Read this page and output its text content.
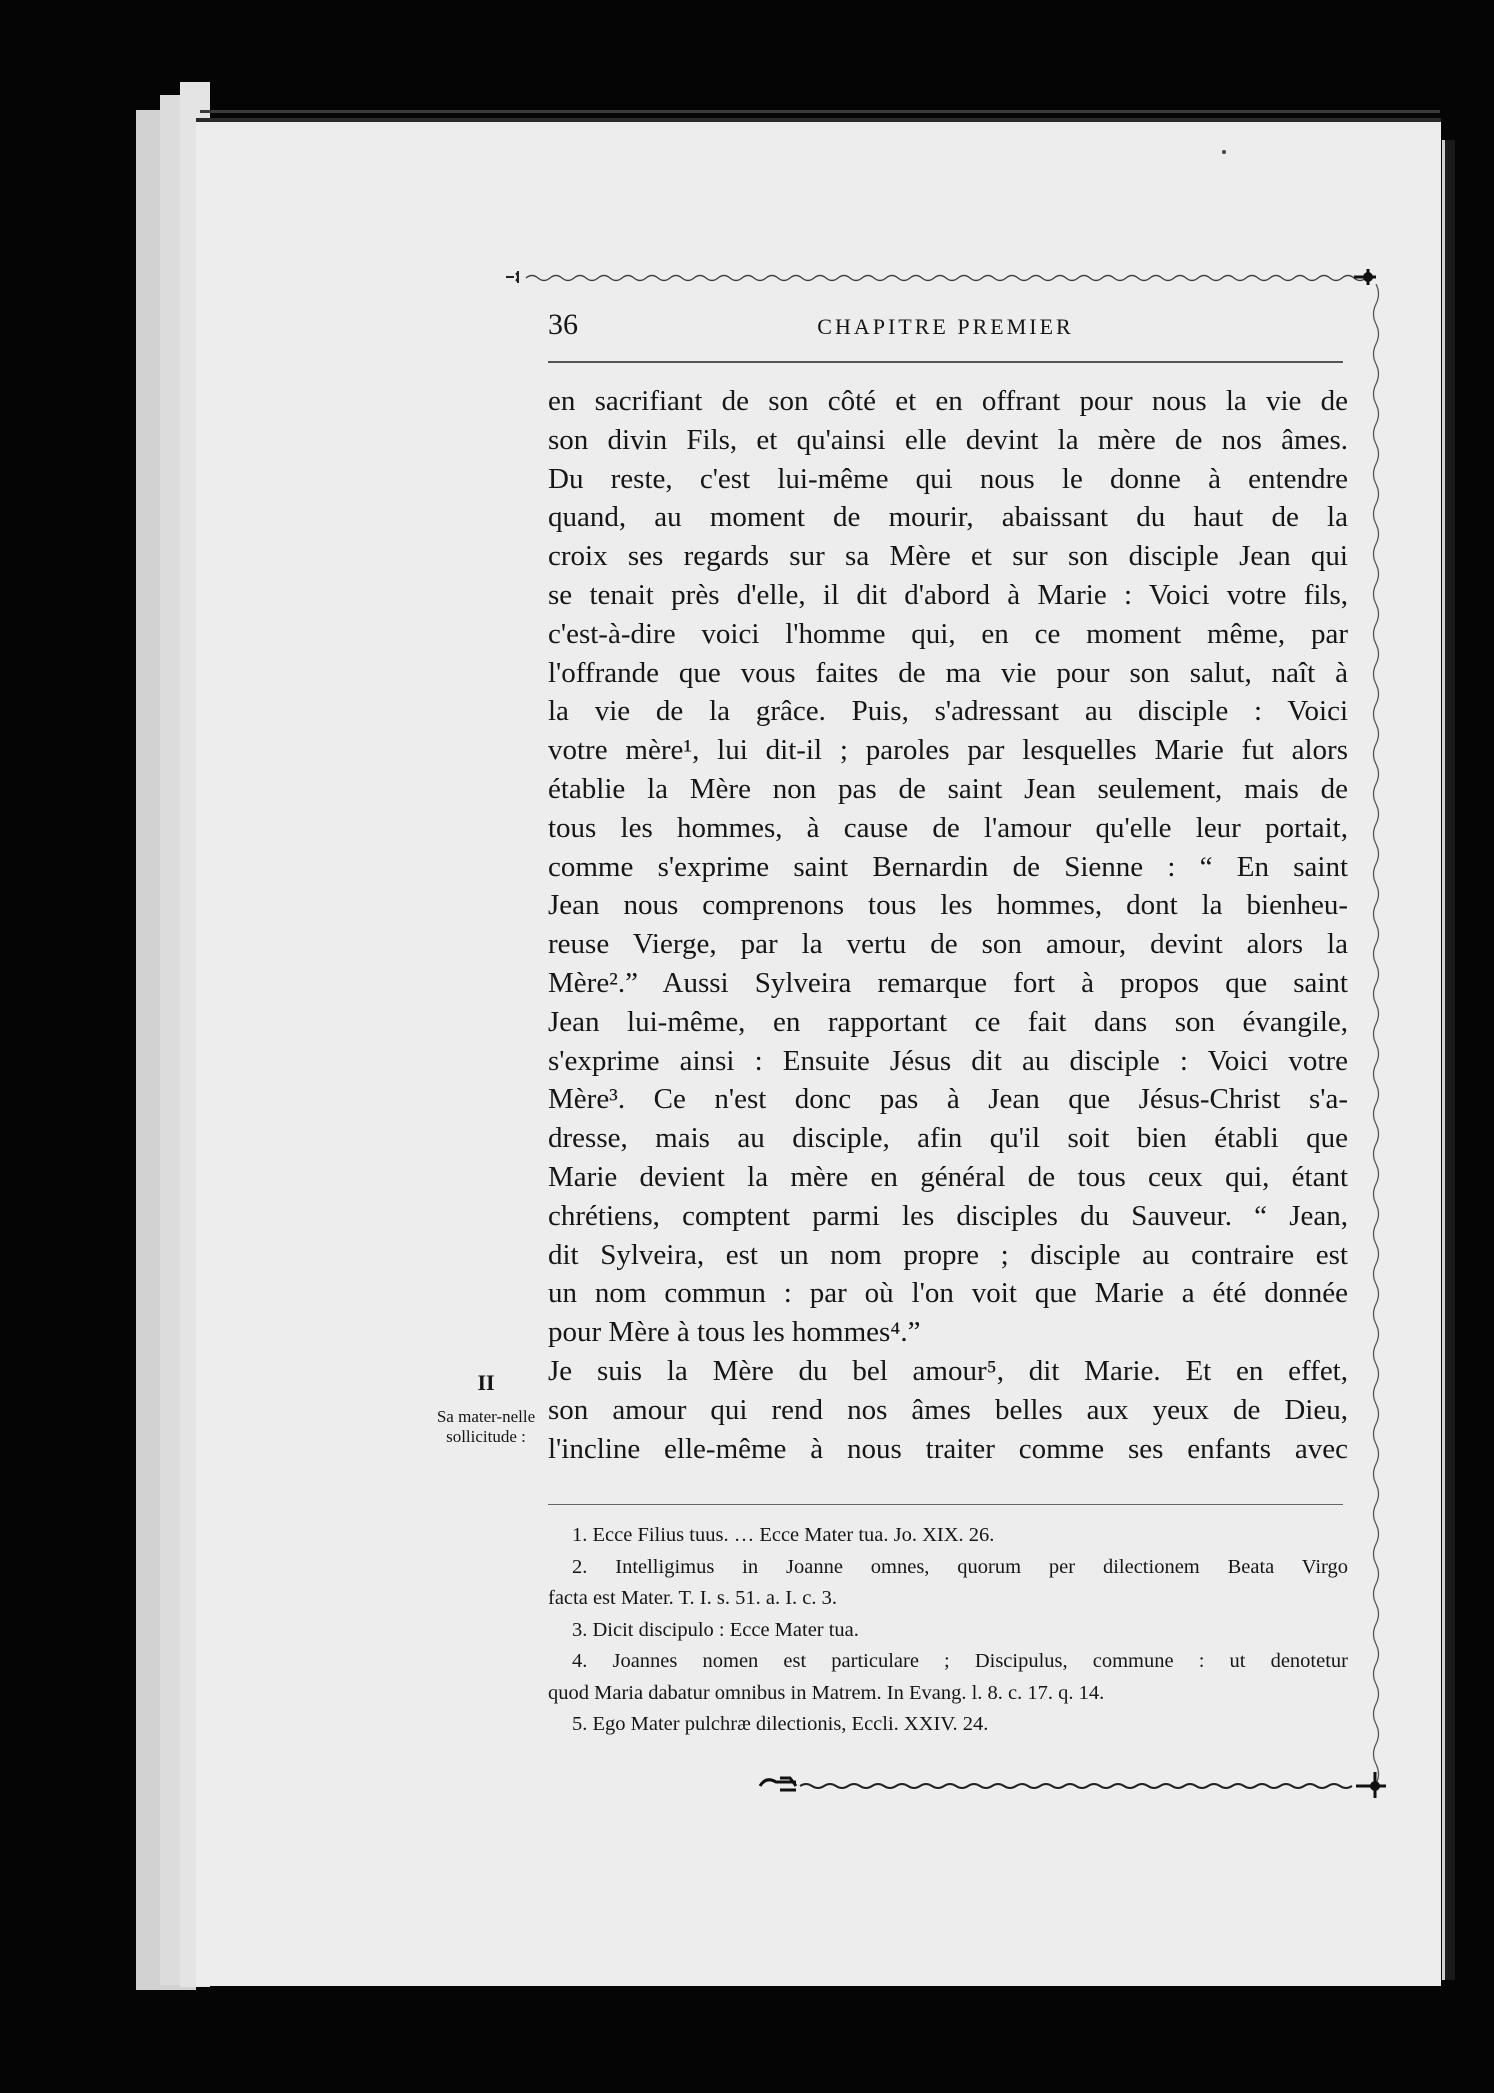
36	CHAPITRE PREMIER
en sacrifiant de son côté et en offrant pour nous la vie de
son divin Fils, et qu'ainsi elle devint la mère de nos âmes.
Du reste, c'est lui-même qui nous le donne à entendre
quand, au moment de mourir, abaissant du haut de la
croix ses regards sur sa Mère et sur son disciple Jean qui
se tenait près d'elle, il dit d'abord à Marie : Voici votre fils,
c'est-à-dire voici l'homme qui, en ce moment même, par
l'offrande que vous faites de ma vie pour son salut, naît à
la vie de la grâce. Puis, s'adressant au disciple : Voici
votre mère¹, lui dit-il ; paroles par lesquelles Marie fut alors
établie la Mère non pas de saint Jean seulement, mais de
tous les hommes, à cause de l'amour qu'elle leur portait,
comme s'exprime saint Bernardin de Sienne : “ En saint
Jean nous comprenons tous les hommes, dont la bienheu-
reuse Vierge, par la vertu de son amour, devint alors la
Mère².” Aussi Sylveira remarque fort à propos que saint
Jean lui-même, en rapportant ce fait dans son évangile,
s'exprime ainsi : Ensuite Jésus dit au disciple : Voici votre
Mère³. Ce n'est donc pas à Jean que Jésus-Christ s'a-
dresse, mais au disciple, afin qu'il soit bien établi que
Marie devient la mère en général de tous ceux qui, étant
chrétiens, comptent parmi les disciples du Sauveur. “ Jean,
dit Sylveira, est un nom propre ; disciple au contraire est
un nom commun : par où l'on voit que Marie a été donnée
pour Mère à tous les hommes⁴.”
Je suis la Mère du bel amour⁵, dit Marie. Et en effet,
son amour qui rend nos âmes belles aux yeux de Dieu,
l'incline elle-même à nous traiter comme ses enfants avec
II
Sa mater-nelle sollicitude :
1. Ecce Filius tuus. … Ecce Mater tua. Jo. XIX. 26.
2. Intelligimus in Joanne omnes, quorum per dilectionem Beata Virgo
facta est Mater. T. I. s. 51. a. I. c. 3.
3. Dicit discipulo : Ecce Mater tua.
4. Joannes nomen est particulare ; Discipulus, commune : ut denotetur
quod Maria dabatur omnibus in Matrem. In Evang. l. 8. c. 17. q. 14.
5. Ego Mater pulchræ dilectionis, Eccli. XXIV. 24.
